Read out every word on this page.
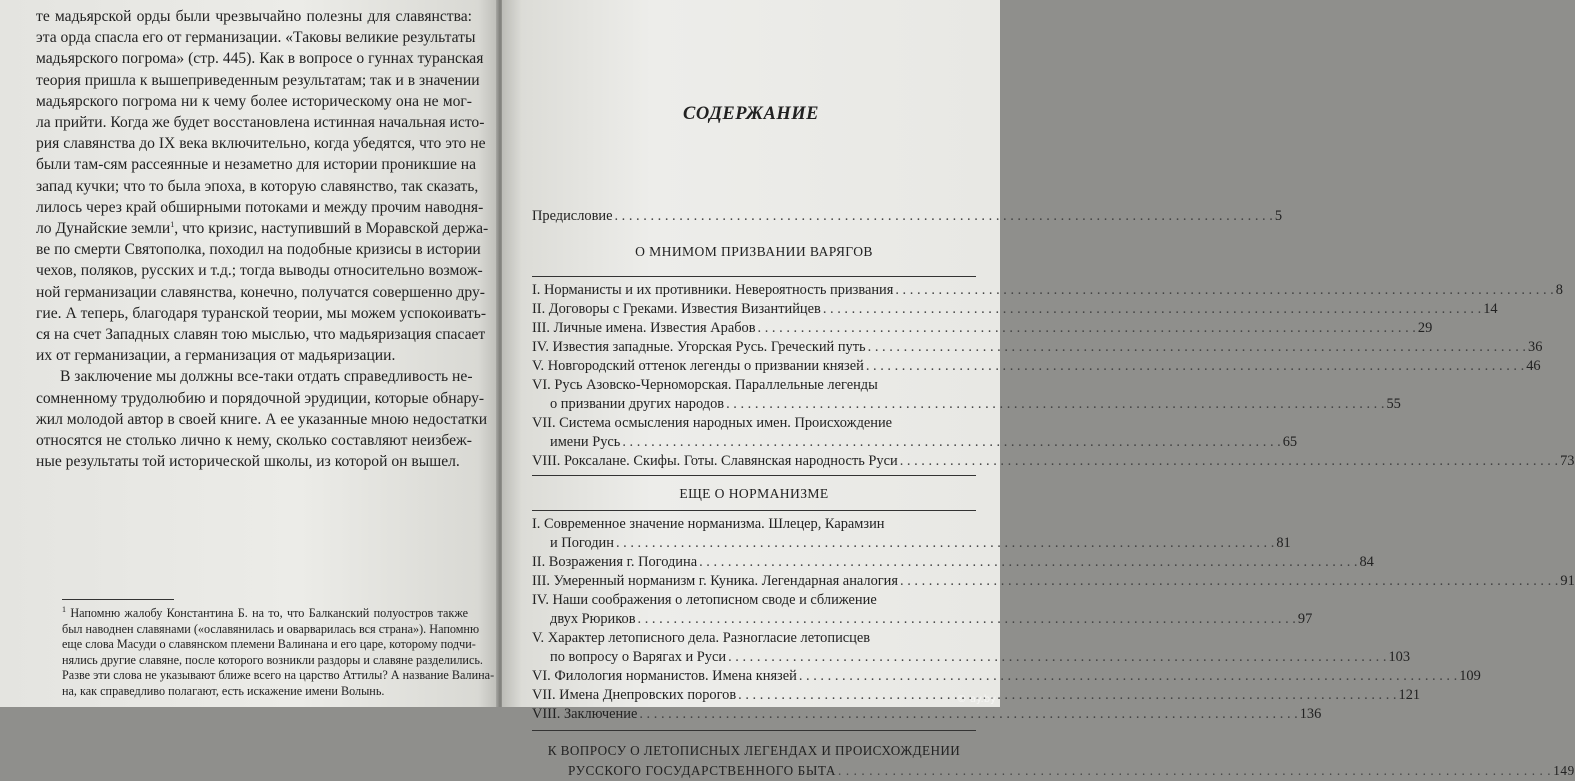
те мадьярской орды были чрезвычайно полезны для славянства:
эта орда спасла его от германизации. «Таковы великие результаты
мадьярского погрома» (стр. 445). Как в вопросе о гуннах туранская
теория пришла к вышеприведенным результатам; так и в значении
мадьярского погрома ни к чему более историческому она не мог-
ла прийти. Когда же будет восстановлена истинная начальная исто-
рия славянства до IX века включительно, когда убедятся, что это не
были там-сям рассеянные и незаметно для истории проникшие на
запад кучки; что то была эпоха, в которую славянство, так сказать,
лилось через край обширными потоками и между прочим наводня-
ло Дунайские земли$^1$, что кризис, наступивший в Моравской держа-
ве по смерти Святополка, походил на подобные кризисы в истории
чехов, поляков, русских и т.д.; тогда выводы относительно возмож-
ной германизации славянства, конечно, получатся совершенно дру-
гие. А теперь, благодаря туранской теории, мы можем успокоивать-
ся на счет Западных славян тою мыслью, что мадьяризация спасает
их от германизации, а германизация от мадьяризации.

В заключение мы должны все-таки отдать справедливость не-
сомненному трудолюбию и порядочной эрудиции, которые обнару-
жил молодой автор в своей книге. А ее указанные мною недостатки
относятся не столько лично к нему, сколько составляют неизбеж-
ные результаты той исторической школы, из которой он вышел.

$^1$ Напомню жалобу Константина Б. на то, что Балканский полуостров также
был наводнен славянами («ославянилась и оварварилась вся страна»). Напомню
еще слова Масуди о славянском племени Валинана и его царе, которому подчи-
нялись другие славяне, после которого возникли раздоры и славяне разделились.
Разве эти слова не указывают ближе всего на царство Аттилы? А название Валина-
на, как справедливо полагают, есть искажение имени Волынь.
СОДЕРЖАНИЕ
Предисловие . . .	5
О МНИМОМ ПРИЗВАНИИ ВАРЯГОВ
I. Норманисты и их противники. Невероятность призвания . . .	8
II. Договоры с Греками. Известия Византийцев . . .	14
III. Личные имена. Известия Арабов . . .	29
IV. Известия западные. Угорская Русь. Греческий путь . . .	36
V. Новгородский оттенок легенды о призвании князей . . .	46
VI. Русь Азовско-Черноморская. Параллельные легенды
о призвании других народов . . .	55
VII. Система осмысления народных имен. Происхождение
имени Русь . . .	65
VIII. Роксалане. Скифы. Готы. Славянская народность Руси . . .	73
ЕЩЕ О НОРМАНИЗМЕ
I. Современное значение норманизма. Шлецер, Карамзин
и Погодин . . .	81
II. Возражения г. Погодина . . .	84
III. Умеренный норманизм г. Куника. Легендарная аналогия . . .	91
IV. Наши соображения о летописном своде и сближение
двух Рюриков . . .	97
V. Характер летописного дела. Разногласие летописцев
по вопросу о Варягах и Руси . . .	103
VI. Филология норманистов. Имена князей . . .	109
VII. Имена Днепровских порогов . . .	121
VIII. Заключение . . .	136
К ВОПРОСУ О ЛЕТОПИСНЫХ ЛЕГЕНДАХ И ПРОИСХОЖДЕНИИ
РУССКОГО ГОСУДАРСТВЕННОГО БЫТА . . .	149
© ay.by
